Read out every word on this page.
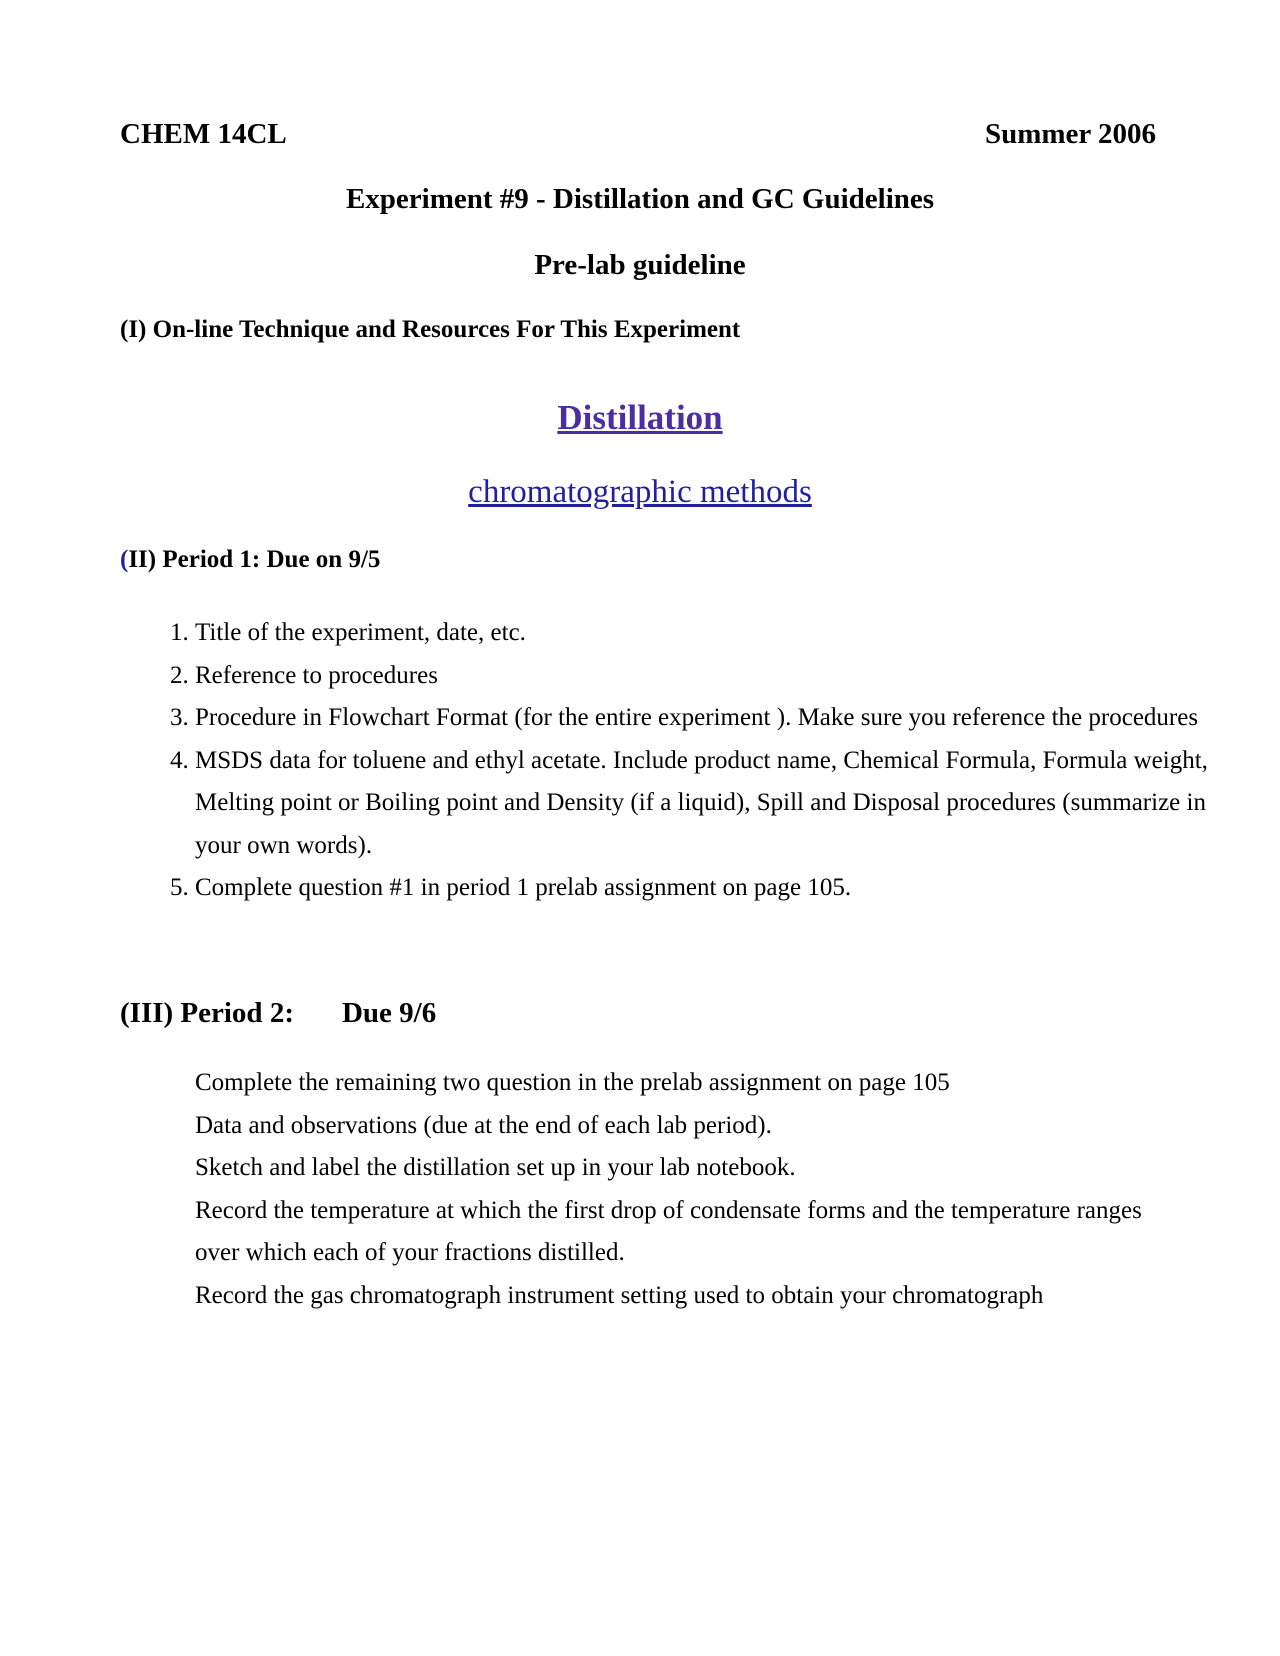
CHEM 14CL	Summer 2006
Experiment #9 - Distillation and GC Guidelines
Pre-lab guideline
(I) On-line Technique and Resources For This Experiment
Distillation
chromatographic methods
(II) Period 1: Due on 9/5
1. Title of the experiment, date, etc.
2. Reference to procedures
3. Procedure in Flowchart Format (for the entire experiment ). Make sure you reference the procedures
4. MSDS data for toluene and ethyl acetate. Include product name, Chemical Formula, Formula weight, Melting point or Boiling point and Density (if a liquid), Spill and Disposal procedures (summarize in your own words).
5. Complete question #1 in period 1 prelab assignment on page 105.
(III) Period 2: Due 9/6
Complete the remaining two question in the prelab assignment on page 105
Data and observations (due at the end of each lab period).
Sketch and label the distillation set up in your lab notebook.
Record the temperature at which the first drop of condensate forms and the temperature ranges over which each of your fractions distilled.
Record the gas chromatograph instrument setting used to obtain your chromatograph
